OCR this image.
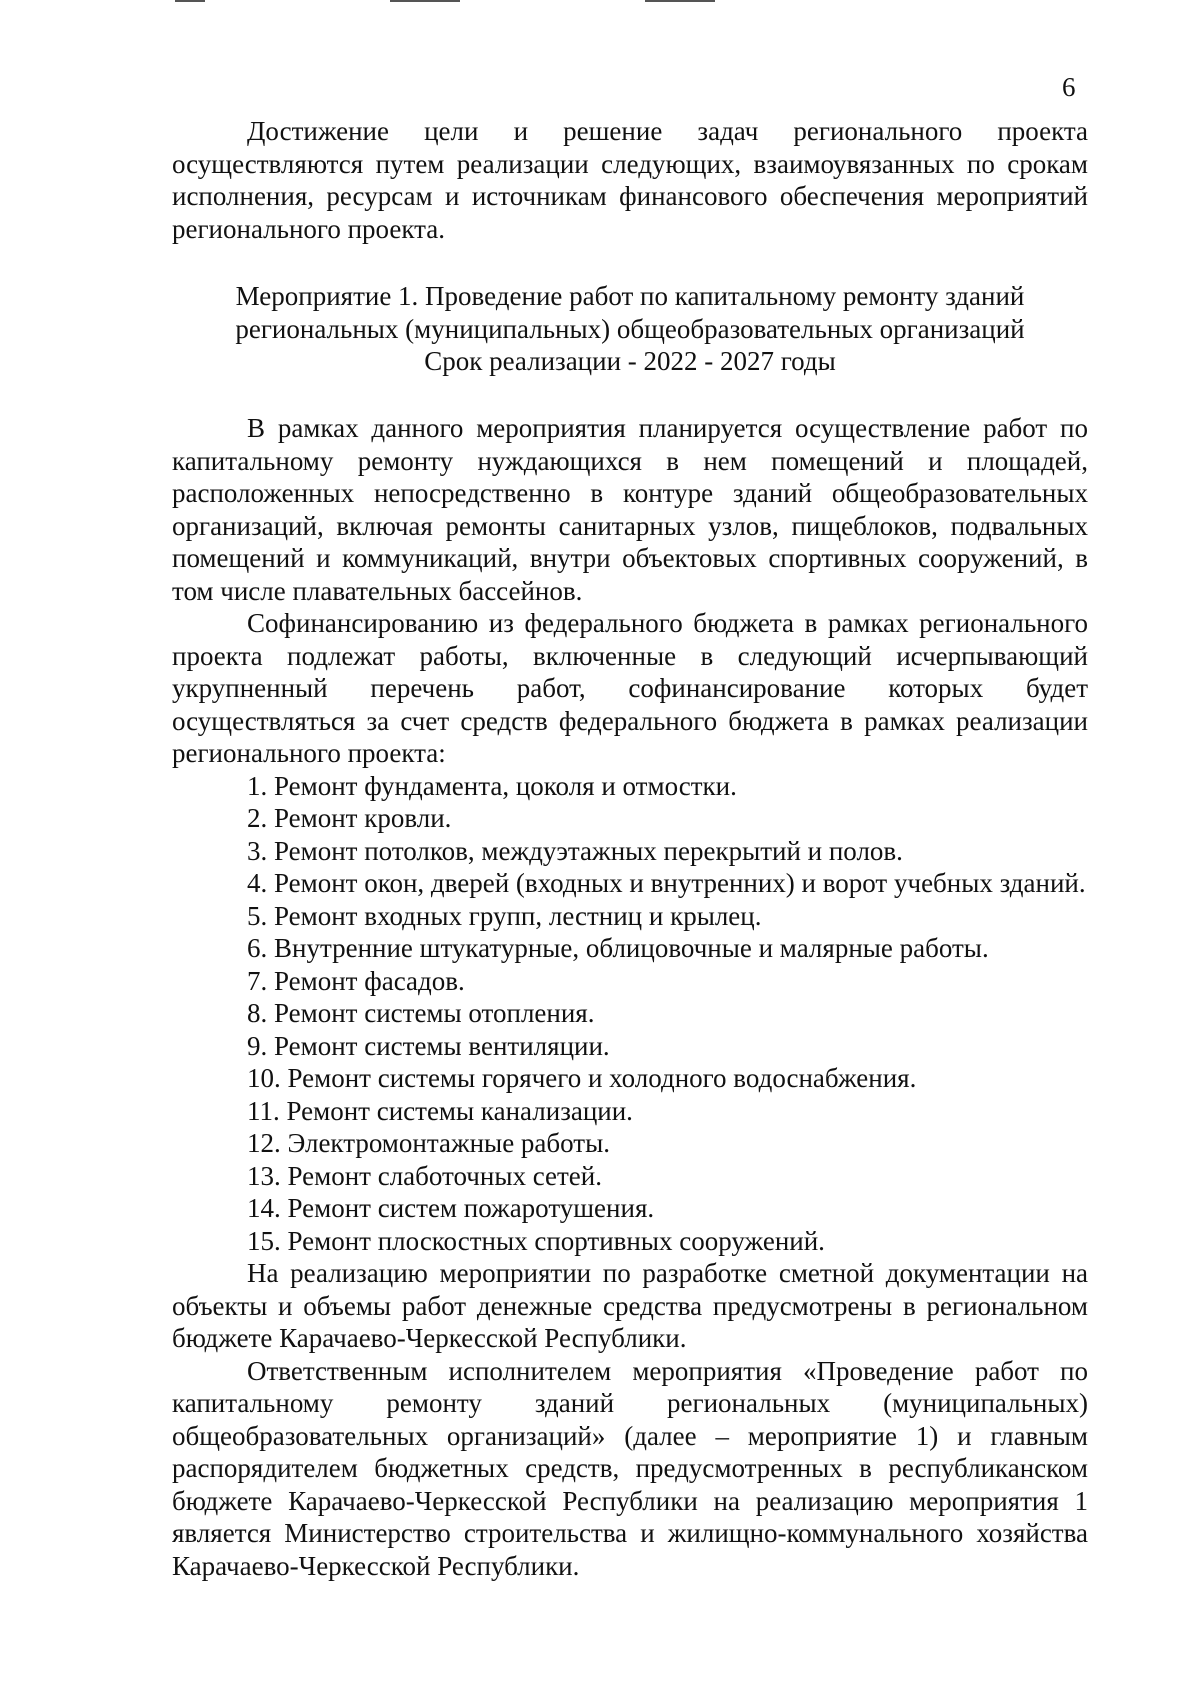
6

Достижение цели и решение задач регионального проекта осуществляются путем реализации следующих, взаимоувязанных по срокам исполнения, ресурсам и источникам финансового обеспечения мероприятий регионального проекта.

Мероприятие 1. Проведение работ по капитальному ремонту зданий
региональных (муниципальных) общеобразовательных организаций
Срок реализации - 2022 - 2027 годы

В рамках данного мероприятия планируется осуществление работ по капитальному ремонту нуждающихся в нем помещений и площадей, расположенных непосредственно в контуре зданий общеобразовательных организаций, включая ремонты санитарных узлов, пищеблоков, подвальных помещений и коммуникаций, внутри объектовых спортивных сооружений, в том числе плавательных бассейнов.

Софинансированию из федерального бюджета в рамках регионального проекта подлежат работы, включенные в следующий исчерпывающий укрупненный перечень работ, софинансирование которых будет осуществляться за счет средств федерального бюджета в рамках реализации регионального проекта:

1. Ремонт фундамента, цоколя и отмостки.

2. Ремонт кровли.

3. Ремонт потолков, междуэтажных перекрытий и полов.

4. Ремонт окон, дверей (входных и внутренних) и ворот учебных зданий.

5. Ремонт входных групп, лестниц и крылец.

6. Внутренние штукатурные, облицовочные и малярные работы.

7. Ремонт фасадов.

8. Ремонт системы отопления.

9. Ремонт системы вентиляции.

10. Ремонт системы горячего и холодного водоснабжения.

11. Ремонт системы канализации.

12. Электромонтажные работы.

13. Ремонт слаботочных сетей.

14. Ремонт систем пожаротушения.

15. Ремонт плоскостных спортивных сооружений.

На реализацию мероприятии по разработке сметной документации на объекты и объемы работ денежные средства предусмотрены в региональном бюджете Карачаево-Черкесской Республики.

Ответственным исполнителем мероприятия «Проведение работ по капитальному ремонту зданий региональных (муниципальных) общеобразовательных организаций» (далее – мероприятие 1) и главным распорядителем бюджетных средств, предусмотренных в республиканском бюджете Карачаево-Черкесской Республики на реализацию мероприятия 1 является Министерство строительства и жилищно-коммунального хозяйства Карачаево-Черкесской Республики.
